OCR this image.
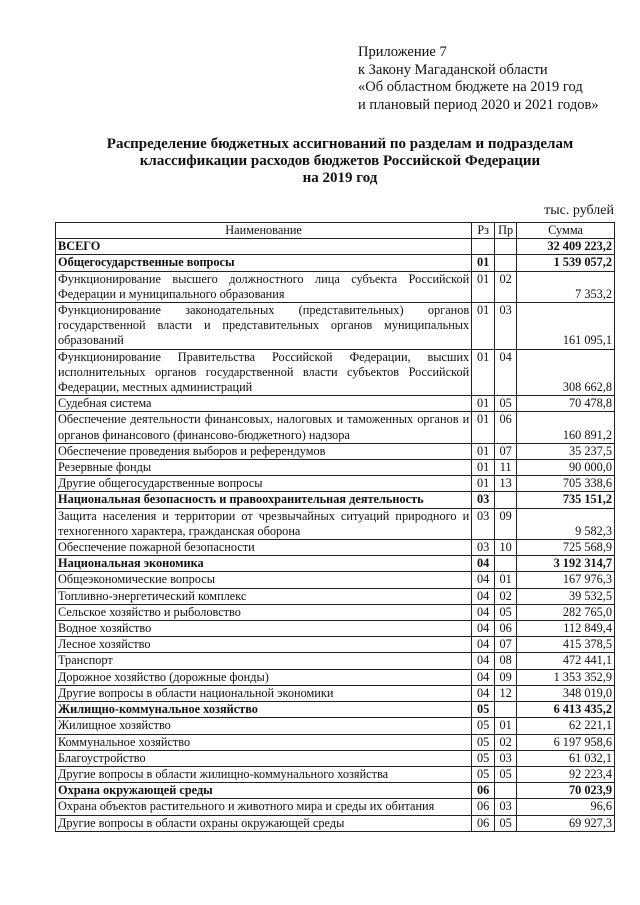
Приложение 7
к Закону Магаданской области
«Об областном бюджете на 2019 год
и плановый период 2020 и 2021 годов»
Распределение бюджетных ассигнований по разделам и подразделам
классификации расходов бюджетов Российской Федерации
на 2019 год
тыс. рублей
Наименование	Рз	Пр	Сумма
ВСЕГО			32 409 223,2
Общегосударственные вопросы	01		1 539 057,2
Функционирование высшего должностного лица субъекта Российской Федерации и муниципального образования	01	02	7 353,2
Функционирование законодательных (представительных) органов государственной власти и представительных органов муниципальных образований	01	03	161 095,1
Функционирование Правительства Российской Федерации, высших исполнительных органов государственной власти субъектов Российской Федерации, местных администраций	01	04	308 662,8
Судебная система	01	05	70 478,8
Обеспечение деятельности финансовых, налоговых и таможенных органов и органов финансового (финансово-бюджетного) надзора	01	06	160 891,2
Обеспечение проведения выборов и референдумов	01	07	35 237,5
Резервные фонды	01	11	90 000,0
Другие общегосударственные вопросы	01	13	705 338,6
Национальная безопасность и правоохранительная деятельность	03		735 151,2
Защита населения и территории от чрезвычайных ситуаций природного и техногенного характера, гражданская оборона	03	09	9 582,3
Обеспечение пожарной безопасности	03	10	725 568,9
Национальная экономика	04		3 192 314,7
Общеэкономические вопросы	04	01	167 976,3
Топливно-энергетический комплекс	04	02	39 532,5
Сельское хозяйство и рыболовство	04	05	282 765,0
Водное хозяйство	04	06	112 849,4
Лесное хозяйство	04	07	415 378,5
Транспорт	04	08	472 441,1
Дорожное хозяйство (дорожные фонды)	04	09	1 353 352,9
Другие вопросы в области национальной экономики	04	12	348 019,0
Жилищно-коммунальное хозяйство	05		6 413 435,2
Жилищное хозяйство	05	01	62 221,1
Коммунальное хозяйство	05	02	6 197 958,6
Благоустройство	05	03	61 032,1
Другие вопросы в области жилищно-коммунального хозяйства	05	05	92 223,4
Охрана окружающей среды	06		70 023,9
Охрана объектов растительного и животного мира и среды их обитания	06	03	96,6
Другие вопросы в области охраны окружающей среды	06	05	69 927,3
